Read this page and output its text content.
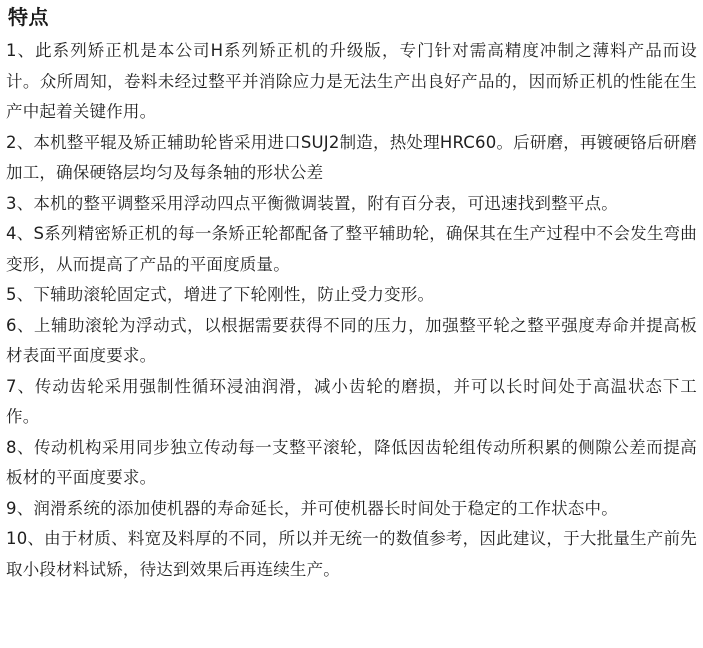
特点
1、此系列矫正机是本公司H系列矫正机的升级版，专门针对需高精度冲制之薄料产品而设计。众所周知，卷料未经过整平并消除应力是无法生产出良好产品的，因而矫正机的性能在生产中起着关键作用。
2、本机整平辊及矫正辅助轮皆采用进口SUJ2制造，热处理HRC60。后研磨，再镀硬铬后研磨加工，确保硬铬层均匀及每条轴的形状公差
3、本机的整平调整采用浮动四点平衡微调装置，附有百分表，可迅速找到整平点。
4、S系列精密矫正机的每一条矫正轮都配备了整平辅助轮，确保其在生产过程中不会发生弯曲变形，从而提高了产品的平面度质量。
5、下辅助滚轮固定式，增进了下轮刚性，防止受力变形。
6、上辅助滚轮为浮动式，以根据需要获得不同的压力，加强整平轮之整平强度寿命并提高板材表面平面度要求。
7、传动齿轮采用强制性循环浸油润滑，减小齿轮的磨损，并可以长时间处于高温状态下工作。
8、传动机构采用同步独立传动每一支整平滚轮，降低因齿轮组传动所积累的侧隙公差而提高板材的平面度要求。
9、润滑系统的添加使机器的寿命延长，并可使机器长时间处于稳定的工作状态中。
10、由于材质、料宽及料厚的不同，所以并无统一的数值参考，因此建议，于大批量生产前先取小段材料试矫，待达到效果后再连续生产。
